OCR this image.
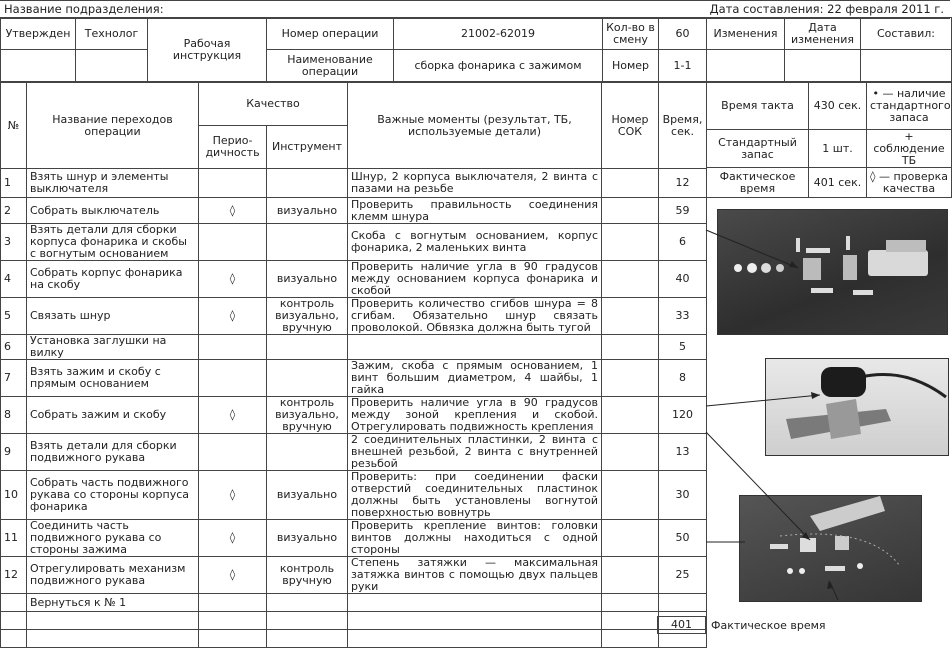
Название подразделения:	Дата составления: 22 февраля 2011 г.
Утвержден	Технолог	Рабочая инструкция	Номер операции	21002-62019	Кол-во в смену	60	Изменения	Дата изменения	Составил:
			Наименование операции	сборка фонарика с зажимом	Номер	1-1			
№	Название переходов операции	Качество		Важные моменты (результат, ТБ, используемые детали)	Номер СОК	Время, сек.
		Перио-дичность	Инструмент			
1	Взять шнур и элементы выключателя			Шнур, 2 корпуса выключателя, 2 винта с пазами на резьбе		12
2	Собрать выключатель	◊	визуально	Проверить правильность соединения клемм шнура		59
3	Взять детали для сборки корпуса фонарика и скобы с вогнутым основанием			Скоба с вогнутым основанием, корпус фонарика, 2 маленьких винта		6
4	Собрать корпус фонарика на скобу	◊	визуально	Проверить наличие угла в 90 градусов между основанием корпуса фонарика и скобой		40
5	Связать шнур	◊	контроль визуально, вручную	Проверить количество сгибов шнура = 8 сгибам. Обязательно шнур связать проволокой. Обвязка должна быть тугой		33
6	Установка заглушки на вилку					5
7	Взять зажим и скобу с прямым основанием			Зажим, скоба с прямым основанием, 1 винт большим диаметром, 4 шайбы, 1 гайка		8
8	Собрать зажим и скобу	◊	контроль визуально, вручную	Проверить наличие угла в 90 градусов между зоной крепления и скобой. Отрегулировать подвижность крепления		120
9	Взять детали для сборки подвижного рукава			2 соединительных пластинки, 2 винта с внешней резьбой, 2 винта с внутренней резьбой		13
10	Собрать часть подвижного рукава со стороны корпуса фонарика	◊	визуально	Проверить: при соединении фаски отверстий соединительных пластинок должны быть установлены вогнутой поверхностью вовнутрь		30
11	Соединить часть подвижного рукава со стороны зажима	◊	визуально	Проверить крепление винтов: головки винтов должны находиться с одной стороны		50
12	Отрегулировать механизм подвижного рукава	◊	контроль вручную	Степень затяжки — максимальная затяжка винтов с помощью двух пальцев руки		25
	Вернуться к № 1					

Время такта	430 сек.	• — наличие стандартного запаса
Стандартный запас	1 шт.	+ соблюдение ТБ
Фактическое время	401 сек.	◊ — проверка качества
401 Фактическое время
